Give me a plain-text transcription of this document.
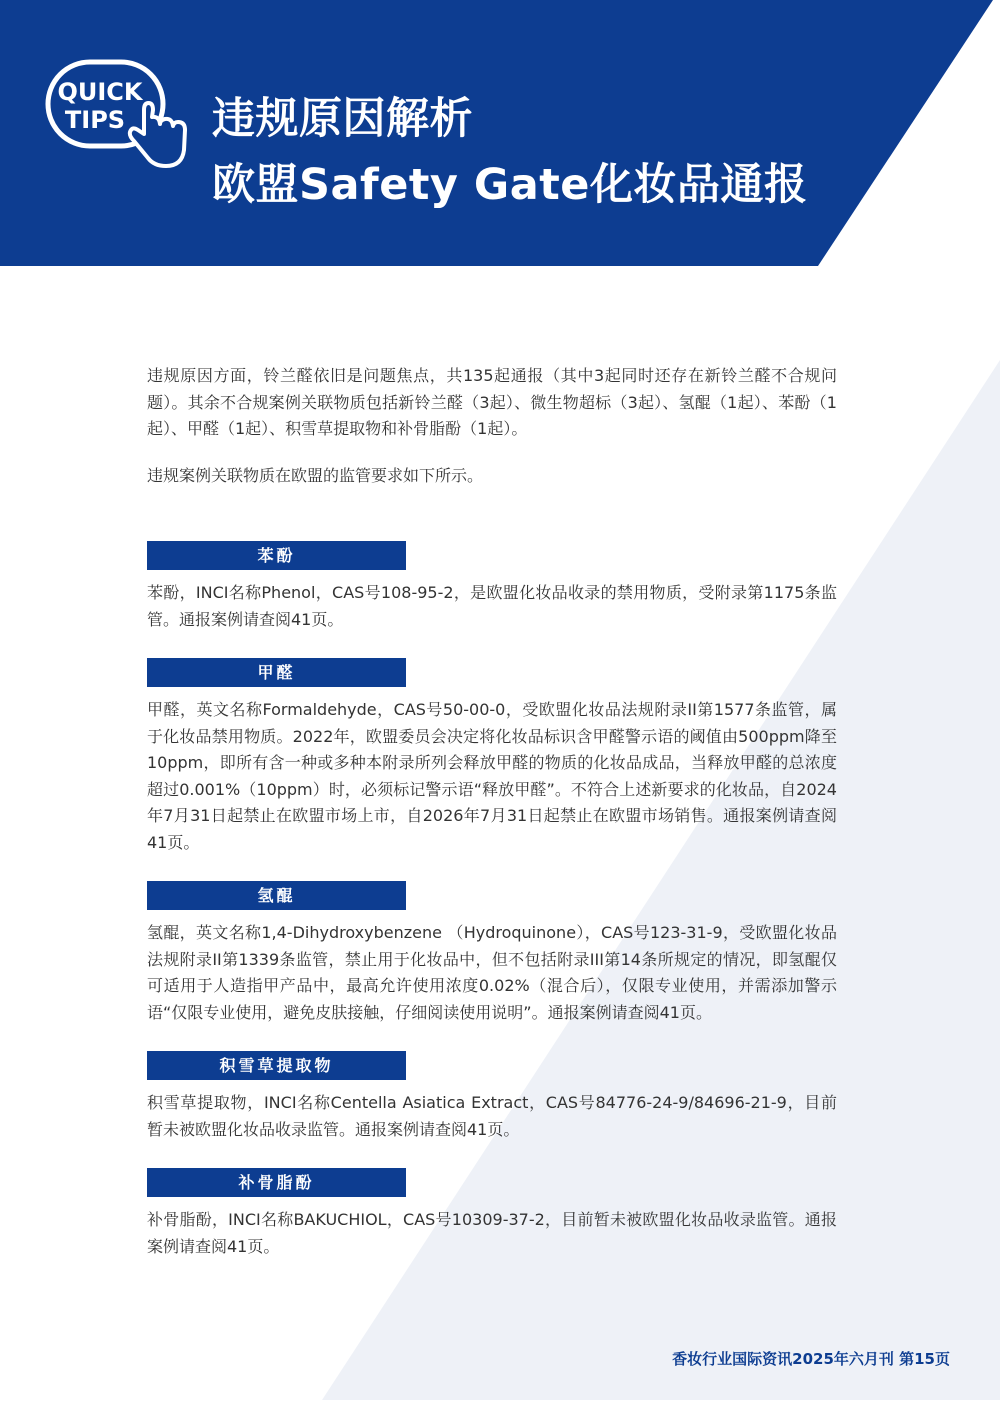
QUICK
TIPS 违规原因解析
欧盟Safety Gate化妆品通报

违规原因方面，铃兰醛依旧是问题焦点，共135起通报（其中3起同时还存在新铃兰醛不合规问题）。其余不合规案例关联物质包括新铃兰醛（3起）、微生物超标（3起）、氢醌（1起）、苯酚（1起）、甲醛（1起）、积雪草提取物和补骨脂酚（1起）。

违规案例关联物质在欧盟的监管要求如下所示。

苯酚

苯酚，INCI名称Phenol，CAS号108-95-2，是欧盟化妆品收录的禁用物质，受附录第1175条监管。通报案例请查阅41页。

甲醛

甲醛，英文名称Formaldehyde，CAS号50-00-0，受欧盟化妆品法规附录II第1577条监管，属于化妆品禁用物质。2022年，欧盟委员会决定将化妆品标识含甲醛警示语的阈值由500ppm降至10ppm，即所有含一种或多种本附录所列会释放甲醛的物质的化妆品成品，当释放甲醛的总浓度超过0.001%（10ppm）时，必须标记警示语“释放甲醛”。不符合上述新要求的化妆品，自2024年7月31日起禁止在欧盟市场上市，自2026年7月31日起禁止在欧盟市场销售。通报案例请查阅41页。

氢醌

氢醌，英文名称1,4-Dihydroxybenzene （Hydroquinone），CAS号123-31-9，受欧盟化妆品法规附录II第1339条监管，禁止用于化妆品中，但不包括附录III第14条所规定的情况，即氢醌仅可适用于人造指甲产品中，最高允许使用浓度0.02%（混合后），仅限专业使用，并需添加警示语“仅限专业使用，避免皮肤接触，仔细阅读使用说明”。通报案例请查阅41页。

积雪草提取物

积雪草提取物，INCI名称Centella Asiatica Extract，CAS号84776-24-9/84696-21-9，目前暂未被欧盟化妆品收录监管。通报案例请查阅41页。

补骨脂酚

补骨脂酚，INCI名称BAKUCHIOL，CAS号10309-37-2，目前暂未被欧盟化妆品收录监管。通报案例请查阅41页。

香妆行业国际资讯2025年六月刊 第15页
